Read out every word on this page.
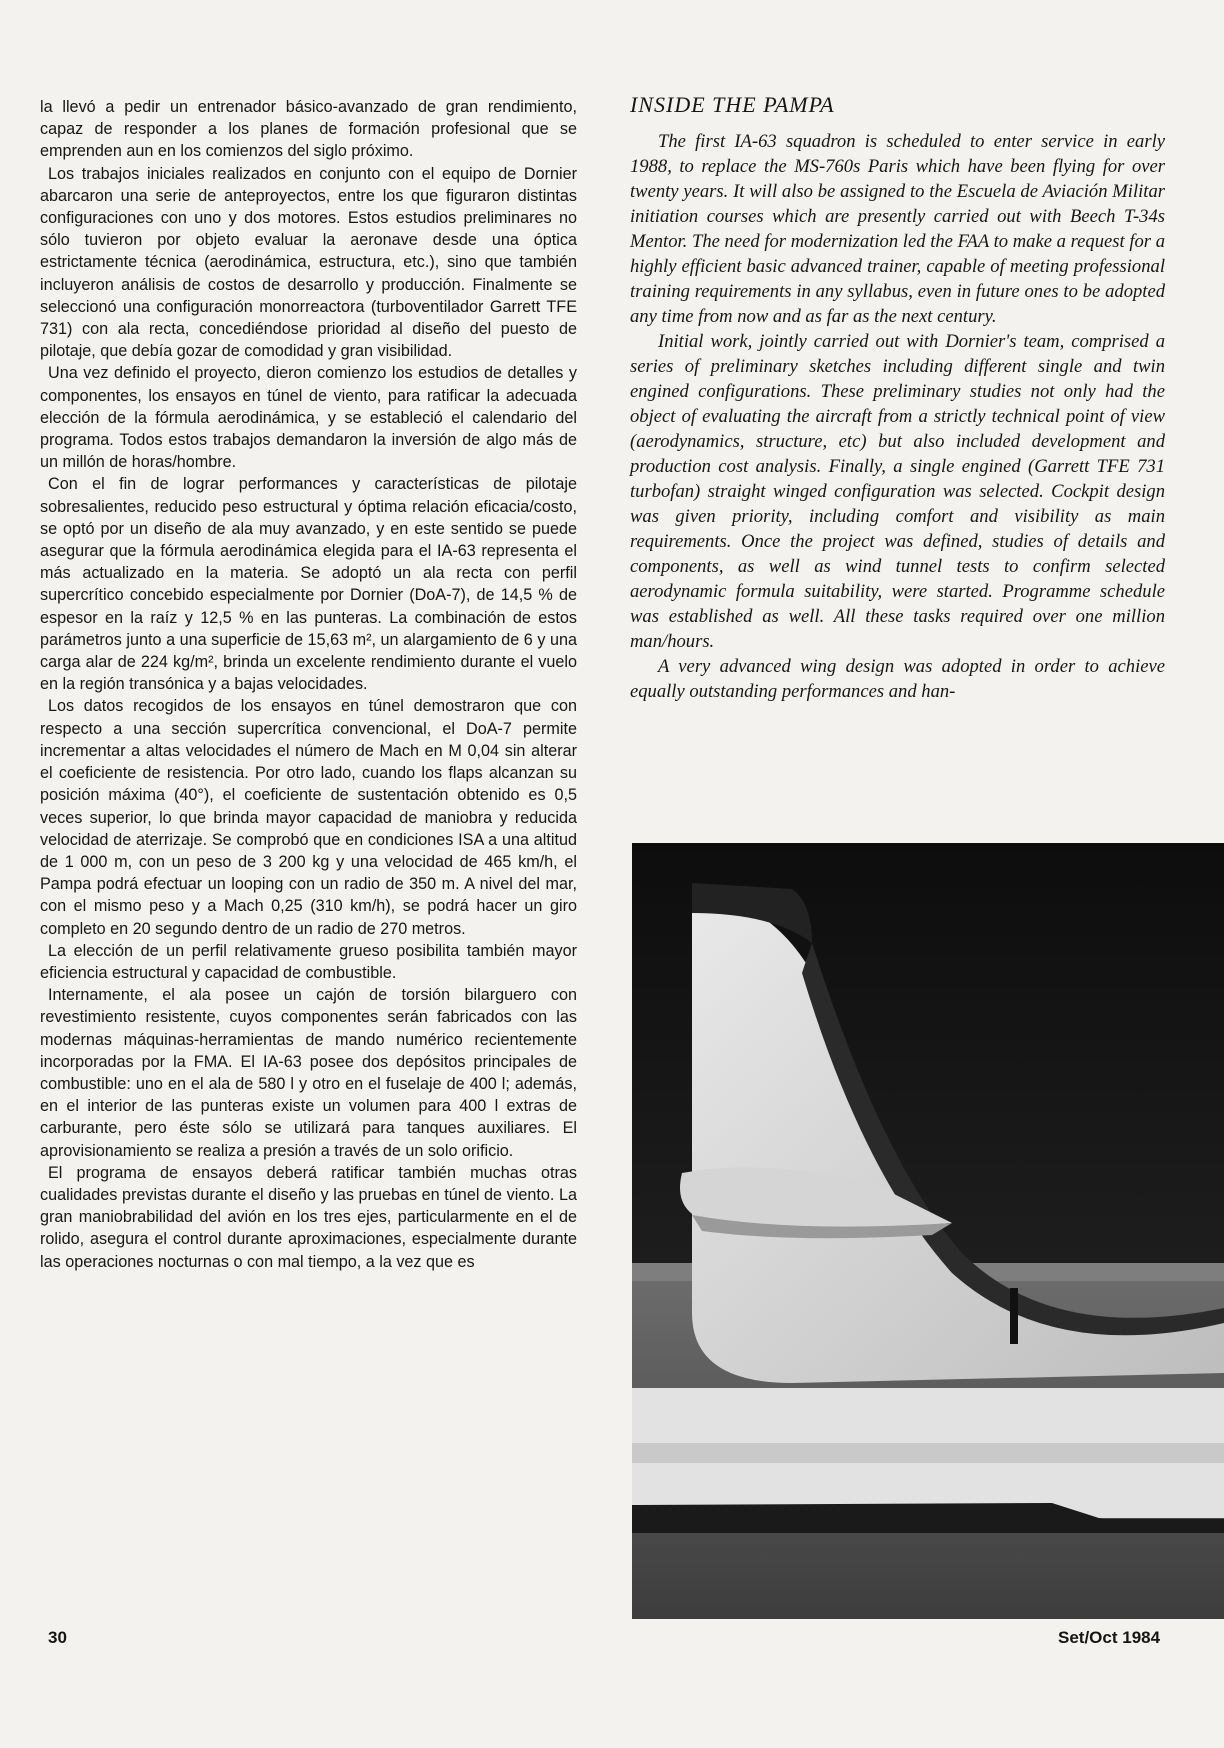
la llevó a pedir un entrenador básico-avanzado de gran rendimiento, capaz de responder a los planes de formación profesional que se emprenden aun en los comienzos del siglo próximo.

Los trabajos iniciales realizados en conjunto con el equipo de Dornier abarcaron una serie de anteproyectos, entre los que figuraron distintas configuraciones con uno y dos motores. Estos estudios preliminares no sólo tuvieron por objeto evaluar la aeronave desde una óptica estrictamente técnica (aerodinámica, estructura, etc.), sino que también incluyeron análisis de costos de desarrollo y producción. Finalmente se seleccionó una configuración monorreactora (turboventilador Garrett TFE 731) con ala recta, concediéndose prioridad al diseño del puesto de pilotaje, que debía gozar de comodidad y gran visibilidad.

Una vez definido el proyecto, dieron comienzo los estudios de detalles y componentes, los ensayos en túnel de viento, para ratificar la adecuada elección de la fórmula aerodinámica, y se estableció el calendario del programa. Todos estos trabajos demandaron la inversión de algo más de un millón de horas/hombre.

Con el fin de lograr performances y características de pilotaje sobresalientes, reducido peso estructural y óptima relación eficacia/costo, se optó por un diseño de ala muy avanzado, y en este sentido se puede asegurar que la fórmula aerodinámica elegida para el IA-63 representa el más actualizado en la materia. Se adoptó un ala recta con perfil supercrítico concebido especialmente por Dornier (DoA-7), de 14,5 % de espesor en la raíz y 12,5 % en las punteras. La combinación de estos parámetros junto a una superficie de 15,63 m², un alargamiento de 6 y una carga alar de 224 kg/m², brinda un excelente rendimiento durante el vuelo en la región transónica y a bajas velocidades.

Los datos recogidos de los ensayos en túnel demostraron que con respecto a una sección supercrítica convencional, el DoA-7 permite incrementar a altas velocidades el número de Mach en M 0,04 sin alterar el coeficiente de resistencia. Por otro lado, cuando los flaps alcanzan su posición máxima (40°), el coeficiente de sustentación obtenido es 0,5 veces superior, lo que brinda mayor capacidad de maniobra y reducida velocidad de aterrizaje. Se comprobó que en condiciones ISA a una altitud de 1 000 m, con un peso de 3 200 kg y una velocidad de 465 km/h, el Pampa podrá efectuar un looping con un radio de 350 m. A nivel del mar, con el mismo peso y a Mach 0,25 (310 km/h), se podrá hacer un giro completo en 20 segundo dentro de un radio de 270 metros.

La elección de un perfil relativamente grueso posibilita también mayor eficiencia estructural y capacidad de combustible.

Internamente, el ala posee un cajón de torsión bilarguero con revestimiento resistente, cuyos componentes serán fabricados con las modernas máquinas-herramientas de mando numérico recientemente incorporadas por la FMA. El IA-63 posee dos depósitos principales de combustible: uno en el ala de 580 l y otro en el fuselaje de 400 l; además, en el interior de las punteras existe un volumen para 400 l extras de carburante, pero éste sólo se utilizará para tanques auxiliares. El aprovisionamiento se realiza a presión a través de un solo orificio.

El programa de ensayos deberá ratificar también muchas otras cualidades previstas durante el diseño y las pruebas en túnel de viento. La gran maniobrabilidad del avión en los tres ejes, particularmente en el de rolido, asegura el control durante aproximaciones, especialmente durante las operaciones nocturnas o con mal tiempo, a la vez que es

INSIDE THE PAMPA

The first IA-63 squadron is scheduled to enter service in early 1988, to replace the MS-760s Paris which have been flying for over twenty years. It will also be assigned to the Escuela de Aviación Militar initiation courses which are presently carried out with Beech T-34s Mentor. The need for modernization led the FAA to make a request for a highly efficient basic advanced trainer, capable of meeting professional training requirements in any syllabus, even in future ones to be adopted any time from now and as far as the next century.

Initial work, jointly carried out with Dornier's team, comprised a series of preliminary sketches including different single and twin engined configurations. These preliminary studies not only had the object of evaluating the aircraft from a strictly technical point of view (aerodynamics, structure, etc) but also included development and production cost analysis. Finally, a single engined (Garrett TFE 731 turbofan) straight winged configuration was selected. Cockpit design was given priority, including comfort and visibility as main requirements. Once the project was defined, studies of details and components, as well as wind tunnel tests to confirm selected aerodynamic formula suitability, were started. Programme schedule was established as well. All these tasks required over one million man/hours.

A very advanced wing design was adopted in order to achieve equally outstanding performances and han-

30	Set/Oct 1984
